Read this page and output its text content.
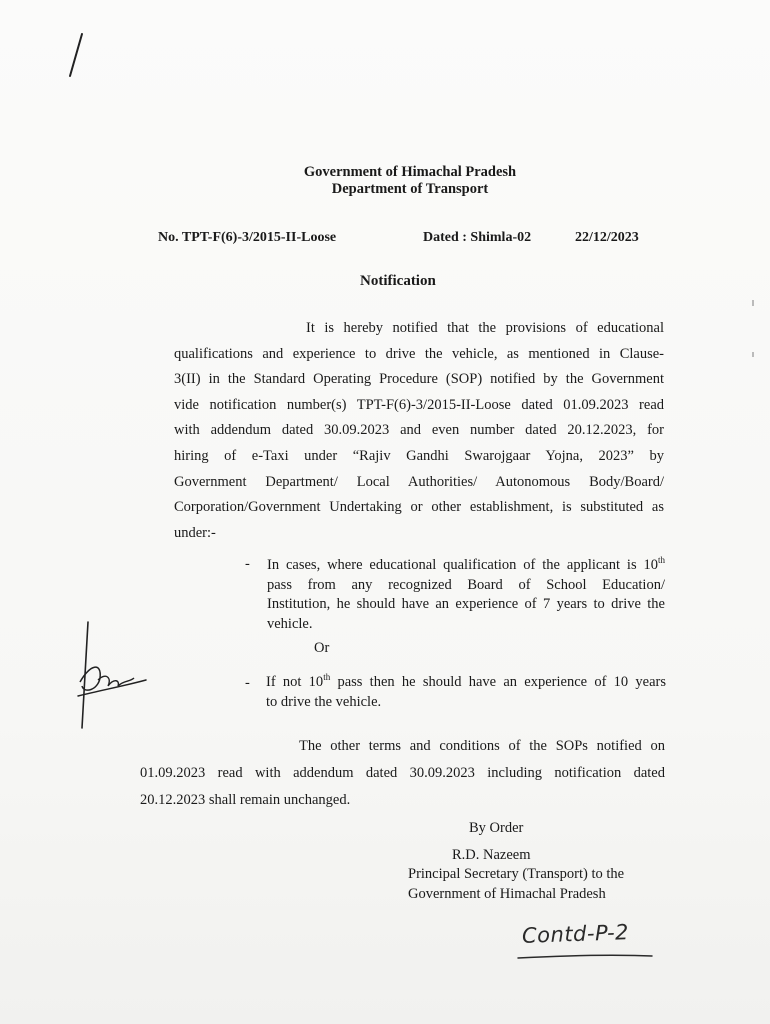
Government of Himachal Pradesh
Department of Transport
No. TPT-F(6)-3/2015-II-Loose	Dated : Shimla-02	22/12/2023
Notification
It is hereby notified that the provisions of educational
qualifications and experience to drive the vehicle, as mentioned in Clause-
3(II) in the Standard Operating Procedure (SOP) notified by the Government
vide notification number(s) TPT-F(6)-3/2015-II-Loose dated 01.09.2023 read
with addendum dated 30.09.2023 and even number dated 20.12.2023, for
hiring of e-Taxi under “Rajiv Gandhi Swarojgaar Yojna, 2023” by
Government Department/ Local Authorities/ Autonomous Body/Board/
Corporation/Government Undertaking or other establishment, is substituted as
under:-
- In cases, where educational qualification of the applicant is 10th
pass from any recognized Board of School Education/
Institution, he should have an experience of 7 years to drive the
vehicle.
Or
- If not 10th pass then he should have an experience of 10 years
to drive the vehicle.
The other terms and conditions of the SOPs notified on
01.09.2023 read with addendum dated 30.09.2023 including notification dated
20.12.2023 shall remain unchanged.
By Order
R.D. Nazeem
Principal Secretary (Transport) to the
Government of Himachal Pradesh
Contd-P-2
